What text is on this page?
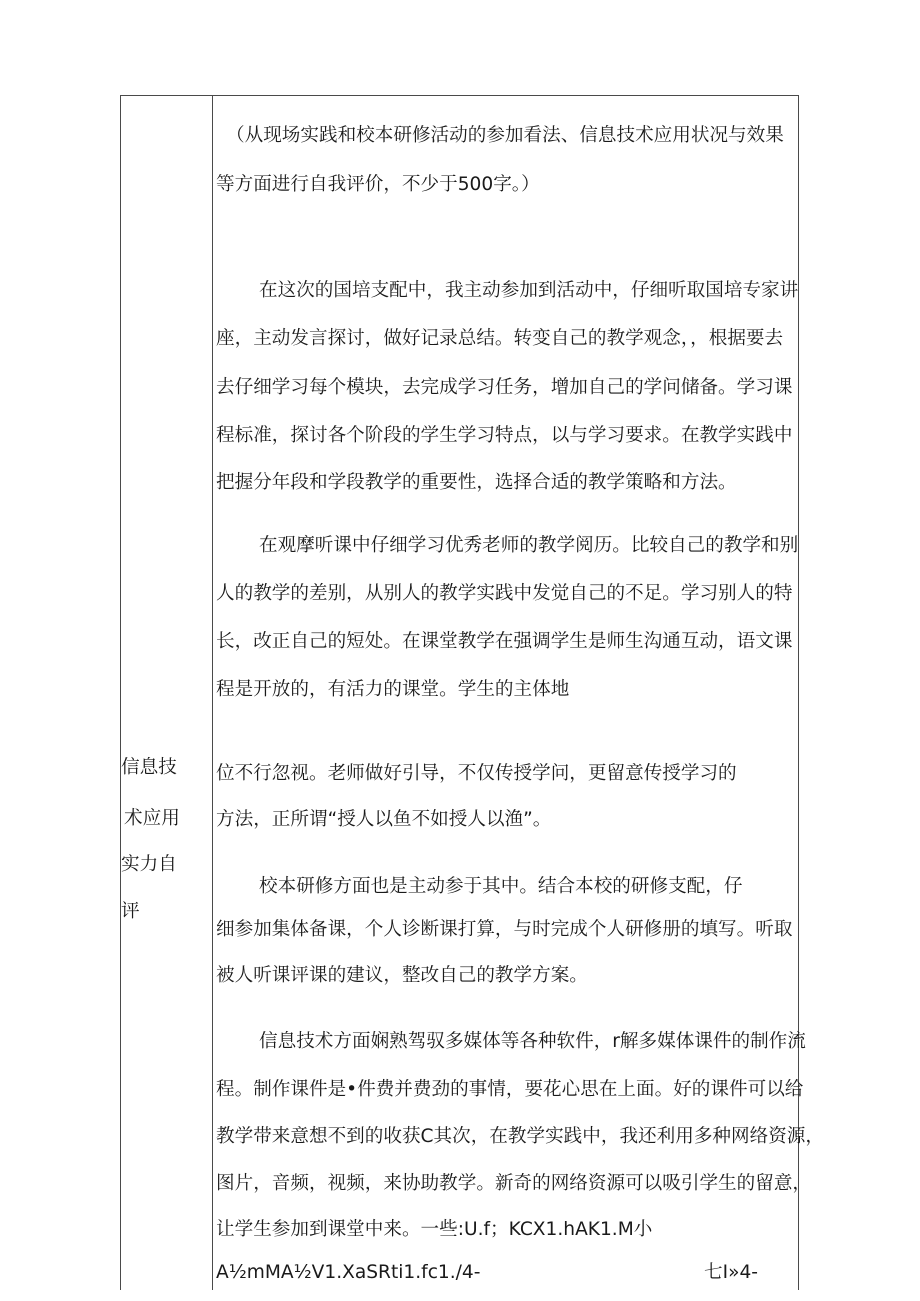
信息技
术应用
实力自
评
（从现场实践和校本研修活动的参加看法、信息技术应用状况与效果
等方面进行自我评价，不少于500字。）
在这次的国培支配中，我主动参加到活动中，仔细听取国培专家讲
座，主动发言探讨，做好记录总结。转变自己的教学观念，，根据要去
去仔细学习每个模块，去完成学习任务，增加自己的学问储备。学习课
程标准，探讨各个阶段的学生学习特点，以与学习要求。在教学实践中
把握分年段和学段教学的重要性，选择合适的教学策略和方法。
在观摩听课中仔细学习优秀老师的教学阅历。比较自己的教学和别
人的教学的差别，从别人的教学实践中发觉自己的不足。学习别人的特
长，改正自己的短处。在课堂教学在强调学生是师生沟通互动，语文课
程是开放的，有活力的课堂。学生的主体地
位不行忽视。老师做好引导，不仅传授学问，更留意传授学习的
方法，正所谓“授人以鱼不如授人以渔”。
校本研修方面也是主动参于其中。结合本校的研修支配，仔
细参加集体备课，个人诊断课打算，与时完成个人研修册的填写。听取
被人听课评课的建议，整改自己的教学方案。
信息技术方面娴熟驾驭多媒体等各种软件，r解多媒体课件的制作流
程。制作课件是•件费并费劲的事情，要花心思在上面。好的课件可以给
教学带来意想不到的收获C其次，在教学实践中，我还利用多种网络资源，
图片，音频，视频，来协助教学。新奇的网络资源可以吸引学生的留意，
让学生参加到课堂中来。一些:U.f；KCX1.hAK1.M小
A½mMA½V1.XaSRti1.fc1./4-	七I»4-
